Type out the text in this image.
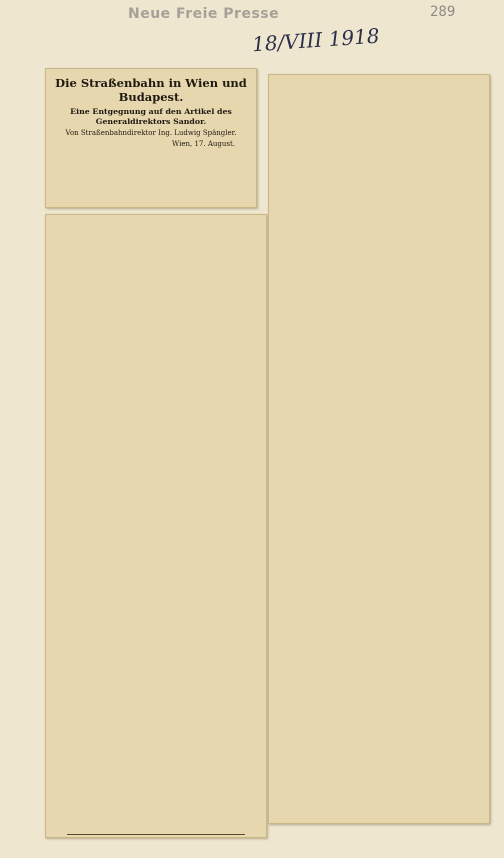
Neue Freie Presse
18/VIII 1918
289

Die Straßenbahn in Wien und Budapest.

Eine Entgegnung auf den Artikel des Generaldirektors Sandor.

Von Straßenbahndirektor Ing. Ludwig Spängler.

Wien, 17. August.
